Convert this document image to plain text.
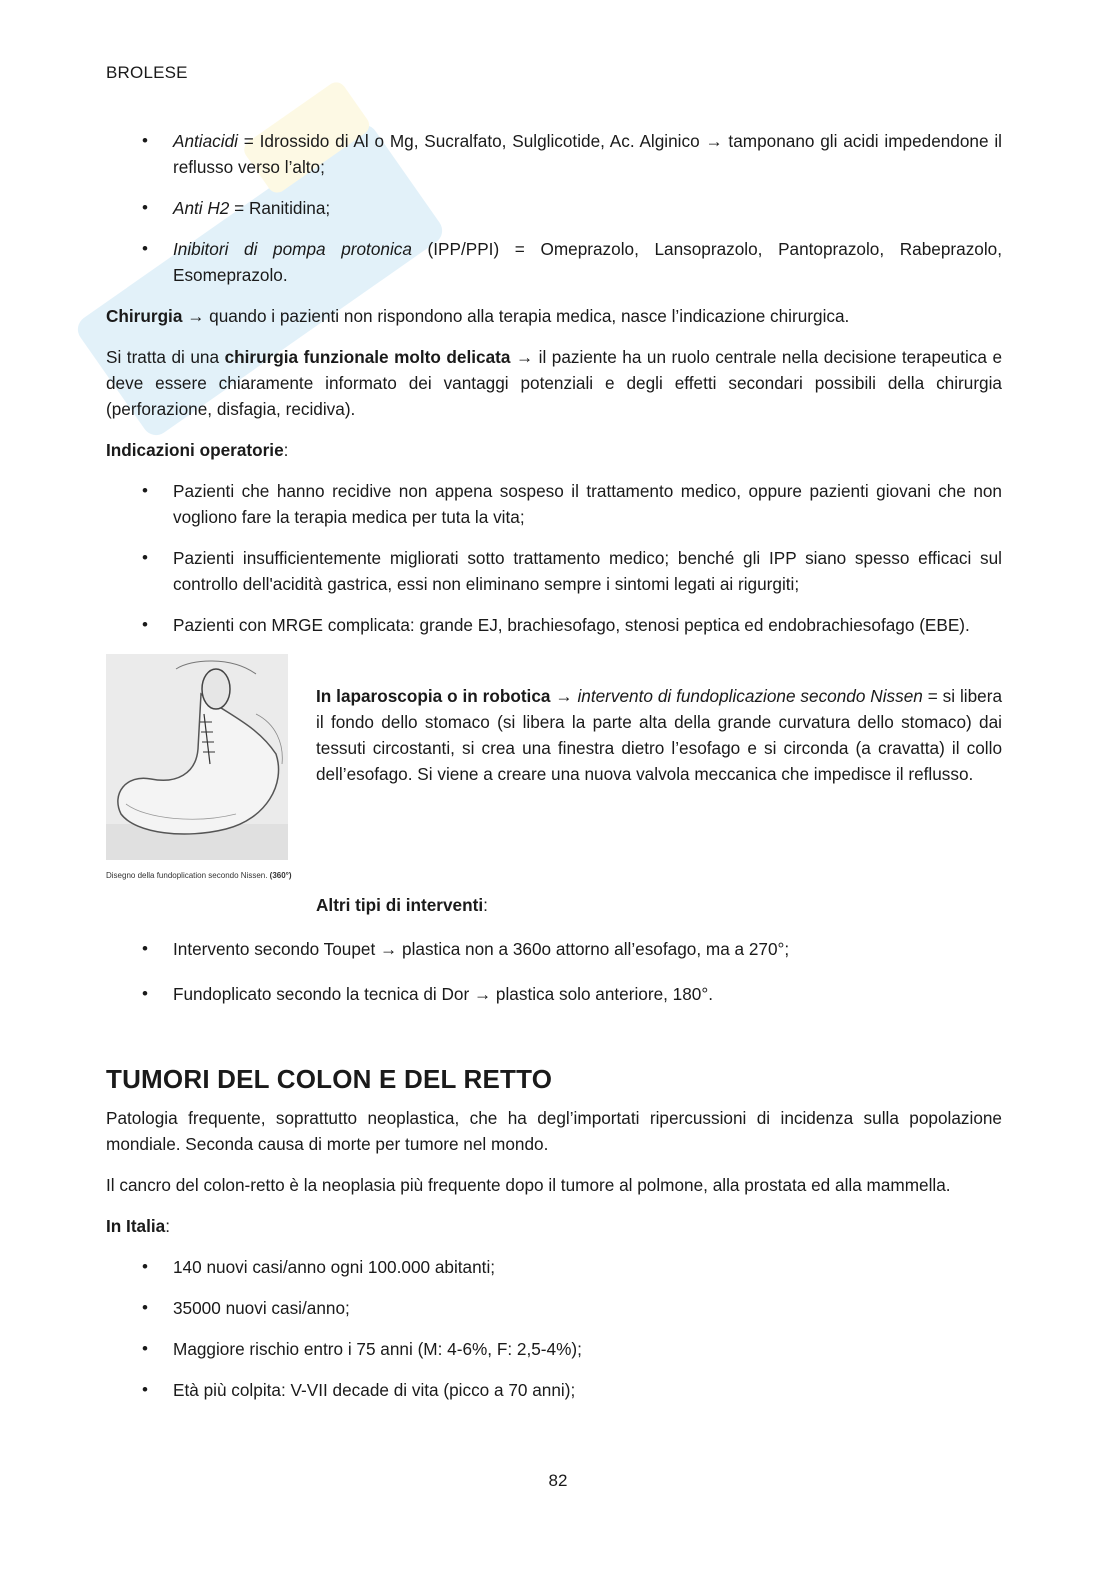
BROLESE
• Antiacidi = Idrossido di Al o Mg, Sucralfato, Sulglicotide, Ac. Alginico → tamponano gli acidi impedendone il reflusso verso l’alto;
• Anti H2 = Ranitidina;
• Inibitori di pompa protonica (IPP/PPI) = Omeprazolo, Lansoprazolo, Pantoprazolo, Rabeprazolo, Esomeprazolo.

Chirurgia → quando i pazienti non rispondono alla terapia medica, nasce l’indicazione chirurgica.

Si tratta di una chirurgia funzionale molto delicata → il paziente ha un ruolo centrale nella decisione terapeutica e deve essere chiaramente informato dei vantaggi potenziali e degli effetti secondari possibili della chirurgia (perforazione, disfagia, recidiva).

Indicazioni operatorie:

• Pazienti che hanno recidive non appena sospeso il trattamento medico, oppure pazienti giovani che non vogliono fare la terapia medica per tuta la vita;
• Pazienti insufficientemente migliorati sotto trattamento medico; benché gli IPP siano spesso efficaci sul controllo dell'acidità gastrica, essi non eliminano sempre i sintomi legati ai rigurgiti;
• Pazienti con MRGE complicata: grande EJ, brachiesofago, stenosi peptica ed endobrachiesofago (EBE).
Disegno della fundoplication secondo Nissen. (360°)

In laparoscopia o in robotica → intervento di fundoplicazione secondo Nissen = si libera il fondo dello stomaco (si libera la parte alta della grande curvatura dello stomaco) dai tessuti circostanti, si crea una finestra dietro l’esofago e si circonda (a cravatta) il collo dell’esofago. Si viene a creare una nuova valvola meccanica che impedisce il reflusso.

Altri tipi di interventi:

• Intervento secondo Toupet → plastica non a 360o attorno all’esofago, ma a 270°;
• Fundoplicato secondo la tecnica di Dor → plastica solo anteriore, 180°.
TUMORI DEL COLON E DEL RETTO

Patologia frequente, soprattutto neoplastica, che ha degl’importati ripercussioni di incidenza sulla popolazione mondiale. Seconda causa di morte per tumore nel mondo.

Il cancro del colon-retto è la neoplasia più frequente dopo il tumore al polmone, alla prostata ed alla mammella.

In Italia:

• 140 nuovi casi/anno ogni 100.000 abitanti;
• 35000 nuovi casi/anno;
• Maggiore rischio entro i 75 anni (M: 4-6%, F: 2,5-4%);
• Età più colpita: V-VII decade di vita (picco a 70 anni);
82
